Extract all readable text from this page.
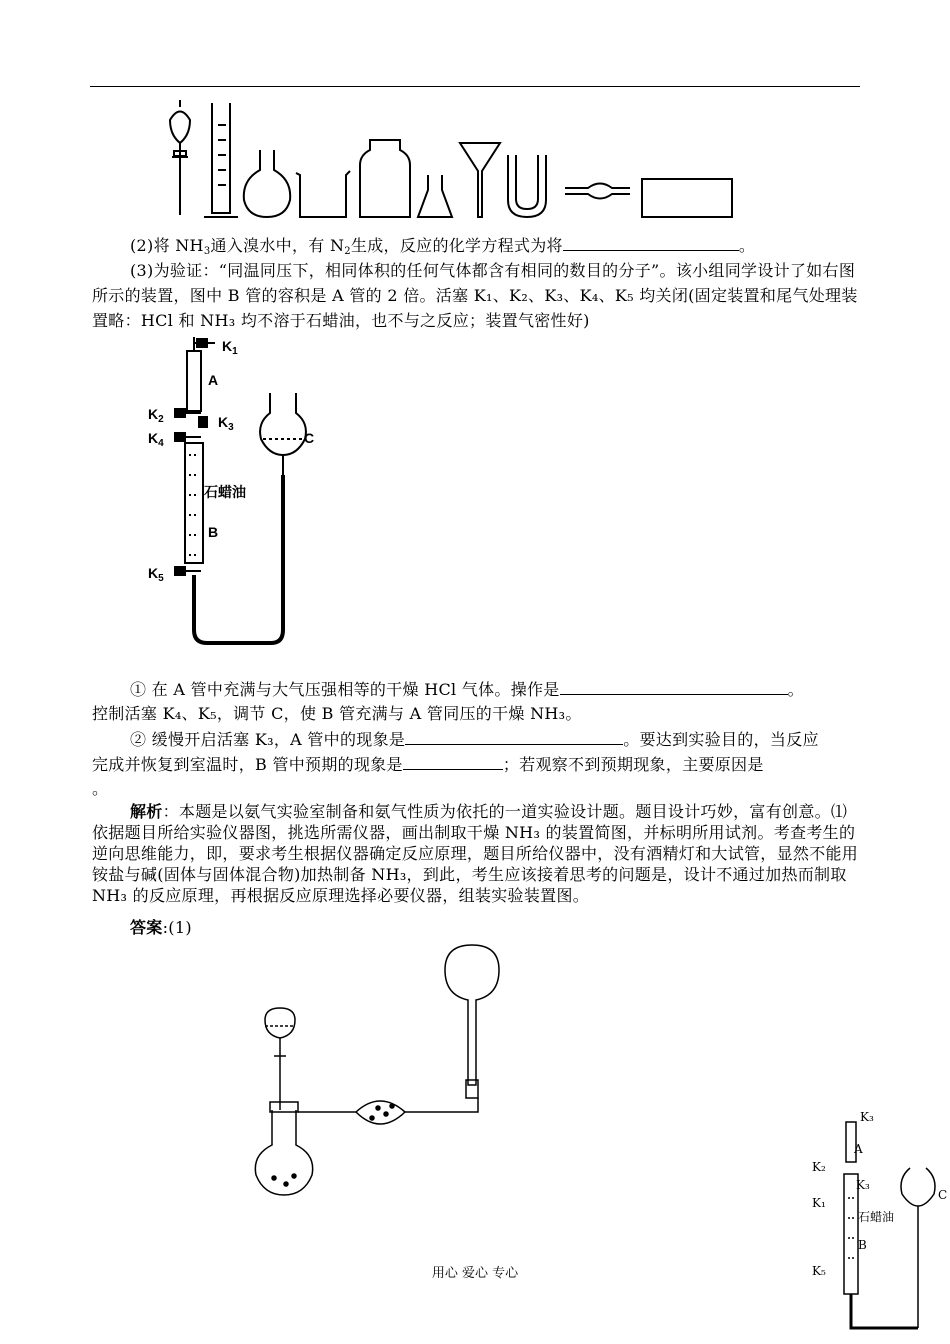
(2)将 $NH_3$通入溴水中，有 $N_2$生成，反应的化学方程式为将	。
(3)为验证：“同温同压下，相同体积的任何气体都含有相同的数目的分子”。该小组同学设计了如右图所示的装置，图中 B 管的容积是 A 管的 2 倍。活塞 K₁、K₂、K₃、K₄、K₅ 均关闭(固定装置和尾气处理装置略：HCl 和 NH₃ 均不溶于石蜡油，也不与之反应；装置气密性好)
$K_1$
A
$K_2$	$K_3$
$K_4$	C
石蜡油
B
$K_5$
① 在 A 管中充满与大气压强相等的干燥 HCl 气体。操作是	。
控制活塞 K₄、K₅，调节 C，使 B 管充满与 A 管同压的干燥 NH₃。
② 缓慢开启活塞 K₃，A 管中的现象是	。要达到实验目的，当反应
完成并恢复到室温时，B 管中预期的现象是	；若观察不到预期现象，主要原因是
。
解析：本题是以氨气实验室制备和氨气性质为依托的一道实验设计题。题目设计巧妙，富有创意。⑴依据题目所给实验仪器图，挑选所需仪器，画出制取干燥 NH₃ 的装置简图，并标明所用试剂。考查考生的逆向思维能力，即，要求考生根据仪器确定反应原理，题目所给仪器中，没有酒精灯和大试管，显然不能用铵盐与碱(固体与固体混合物)加热制备 NH₃，到此，考生应该接着思考的问题是，设计不通过加热而制取 NH₃ 的反应原理，再根据反应原理选择必要仪器，组装实验装置图。
答案:(1)
K₃
A
K₂
K₃
K₁
石蜡油
B
C
K₅
用心 爱心 专心
